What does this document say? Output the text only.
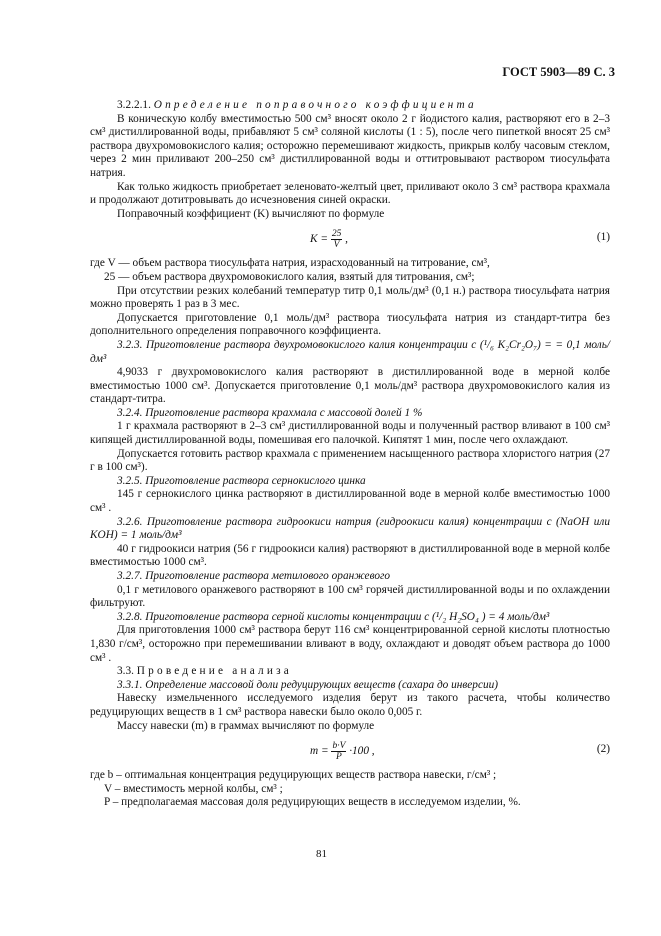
ГОСТ 5903—89 С. 3

3.2.2.1. Определение поправочного коэффициента

В коническую колбу вместимостью 500 см³ вносят около 2 г йодистого калия, растворяют его в 2–3 см³ дистиллированной воды, прибавляют 5 см³ соляной кислоты (1 : 5), после чего пипеткой вносят 25 см³ раствора двухромовокислого калия; осторожно перемешивают жидкость, прикрыв колбу часовым стеклом, через 2 мин приливают 200–250 см³ дистиллированной воды и оттитровывают раствором тиосульфата натрия.

Как только жидкость приобретает зеленовато-желтый цвет, приливают около 3 см³ раствора крахмала и продолжают дотитровывать до исчезновения синей окраски.

Поправочный коэффициент (K) вычисляют по формуле

$K = \frac{25}{V}$ ,	(1)

где V — объем раствора тиосульфата натрия, израсходованный на титрование, см³,

25 — объем раствора двухромовокислого калия, взятый для титрования, см³;

При отсутствии резких колебаний температур титр 0,1 моль/дм³ (0,1 н.) раствора тиосульфата натрия можно проверять 1 раз в 3 мес.

Допускается приготовление 0,1 моль/дм³ раствора тиосульфата натрия из стандарт-титра без дополнительного определения поправочного коэффициента.

3.2.3. Приготовление раствора двухромовокислого калия концентрации с (¹/₆ K₂Cr₂O₇) = = 0,1 моль/дм³

4,9033 г двухромовокислого калия растворяют в дистиллированной воде в мерной колбе вместимостью 1000 см³. Допускается приготовление 0,1 моль/дм³ раствора двухромовокислого калия из стандарт-титра.

3.2.4. Приготовление раствора крахмала с массовой долей 1 %

1 г крахмала растворяют в 2–3 см³ дистиллированной воды и полученный раствор вливают в 100 см³ кипящей дистиллированной воды, помешивая его палочкой. Кипятят 1 мин, после чего охлаждают.

Допускается готовить раствор крахмала с применением насыщенного раствора хлористого натрия (27 г в 100 см³).

3.2.5. Приготовление раствора сернокислого цинка

145 г сернокислого цинка растворяют в дистиллированной воде в мерной колбе вместимостью 1000 см³ .

3.2.6. Приготовление раствора гидроокиси натрия (гидроокиси калия) концентрации с (NaOH или KOH) = 1 моль/дм³

40 г гидроокиси натрия (56 г гидроокиси калия) растворяют в дистиллированной воде в мерной колбе вместимостью 1000 см³.

3.2.7. Приготовление раствора метилового оранжевого

0,1 г метилового оранжевого растворяют в 100 см³ горячей дистиллированной воды и по охлаждении фильтруют.

3.2.8. Приготовление раствора серной кислоты концентрации с (¹/₂ H₂SO₄ ) = 4 моль/дм³

Для приготовления 1000 см³ раствора берут 116 см³ концентрированной серной кислоты плотностью 1,830 г/см³, осторожно при перемешивании вливают в воду, охлаждают и доводят объем раствора до 1000 см³ .

3.3. Проведение анализа

3.3.1. Определение массовой доли редуцирующих веществ (сахара до инверсии)

Навеску измельченного исследуемого изделия берут из такого расчета, чтобы количество редуцирующих веществ в 1 см³ раствора навески было около 0,005 г.

Массу навески (m) в граммах вычисляют по формуле

$m = \frac{b\cdot V}{P} \cdot 100$ ,	(2)

где b – оптимальная концентрация редуцирующих веществ раствора навески, г/см³ ;

V – вместимость мерной колбы, см³ ;

P – предполагаемая массовая доля редуцирующих веществ в исследуемом изделии, %.

81
